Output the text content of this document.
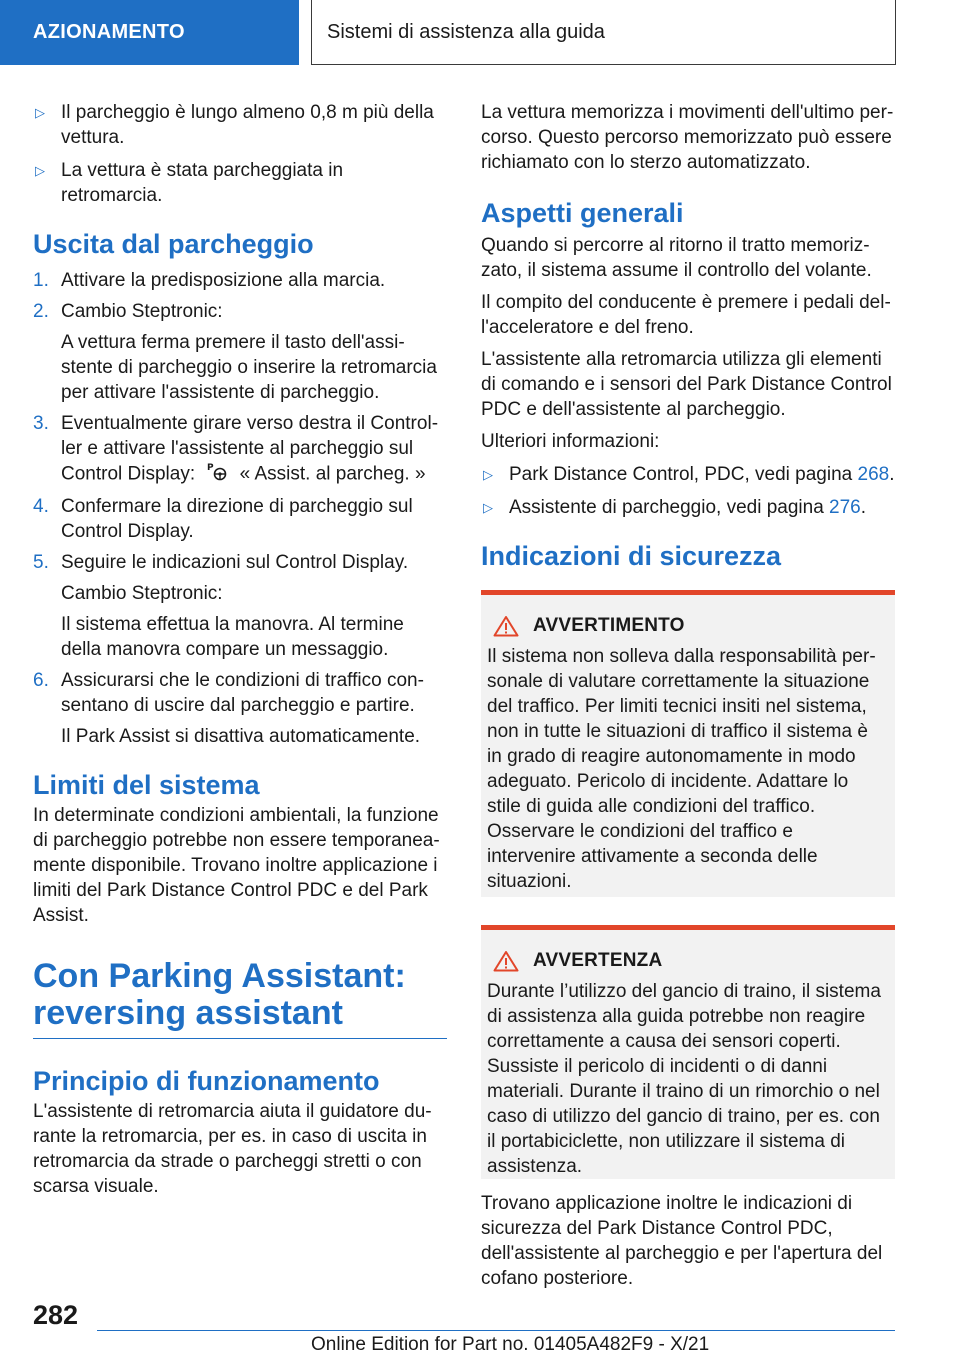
AZIONAMENTO	Sistemi di assistenza alla guida
▷ Il parcheggio è lungo almeno 0,8 m più della vettura.
▷ La vettura è stata parcheggiata in retromarcia.
Uscita dal parcheggio
1. Attivare la predisposizione alla marcia.
2. Cambio Steptronic:
A vettura ferma premere il tasto dell'assistente di parcheggio o inserire la retromarcia per attivare l'assistente di parcheggio.
3. Eventualmente girare verso destra il Controller e attivare l'assistente al parcheggio sul Control Display: P « Assist. al parcheg. »
4. Confermare la direzione di parcheggio sul Control Display.
5. Seguire le indicazioni sul Control Display.
Cambio Steptronic:
Il sistema effettua la manovra. Al termine della manovra compare un messaggio.
6. Assicurarsi che le condizioni di traffico consentano di uscire dal parcheggio e partire.
Il Park Assist si disattiva automaticamente.
Limiti del sistema

In determinate condizioni ambientali, la funzione di parcheggio potrebbe non essere temporaneamente disponibile. Trovano inoltre applicazione i limiti del Park Distance Control PDC e del Park Assist.

Con Parking Assistant:
reversing assistant
Principio di funzionamento

L'assistente di retromarcia aiuta il guidatore durante la retromarcia, per es. in caso di uscita in retromarcia da strade o parcheggi stretti o con scarsa visuale.

La vettura memorizza i movimenti dell'ultimo percorso. Questo percorso memorizzato può essere richiamato con lo sterzo automatizzato.

Aspetti generali

Quando si percorre al ritorno il tratto memorizzato, il sistema assume il controllo del volante.

Il compito del conducente è premere i pedali dell'acceleratore e del freno.

L'assistente alla retromarcia utilizza gli elementi di comando e i sensori del Park Distance Control PDC e dell'assistente al parcheggio.

Ulteriori informazioni:

▷ Park Distance Control, PDC, vedi pagina 268.
▷ Assistente di parcheggio, vedi pagina 276.
Indicazioni di sicurezza
AVVERTIMENTO

Il sistema non solleva dalla responsabilità personale di valutare correttamente la situazione del traffico. Per limiti tecnici insiti nel sistema, non in tutte le situazioni di traffico il sistema è in grado di reagire autonomamente in modo adeguato. Pericolo di incidente. Adattare lo stile di guida alle condizioni del traffico. Osservare le condizioni del traffico e intervenire attivamente a seconda delle situazioni.

AVVERTENZA

Durante l’utilizzo del gancio di traino, il sistema di assistenza alla guida potrebbe non reagire correttamente a causa dei sensori coperti. Sussiste il pericolo di incidenti o di danni materiali. Durante il traino di un rimorchio o nel caso di utilizzo del gancio di traino, per es. con il portabiciclette, non utilizzare il sistema di assistenza.

Trovano applicazione inoltre le indicazioni di sicurezza del Park Distance Control PDC, dell'assistente al parcheggio e per l'apertura del cofano posteriore.

282
Online Edition for Part no. 01405A482F9 - X/21
